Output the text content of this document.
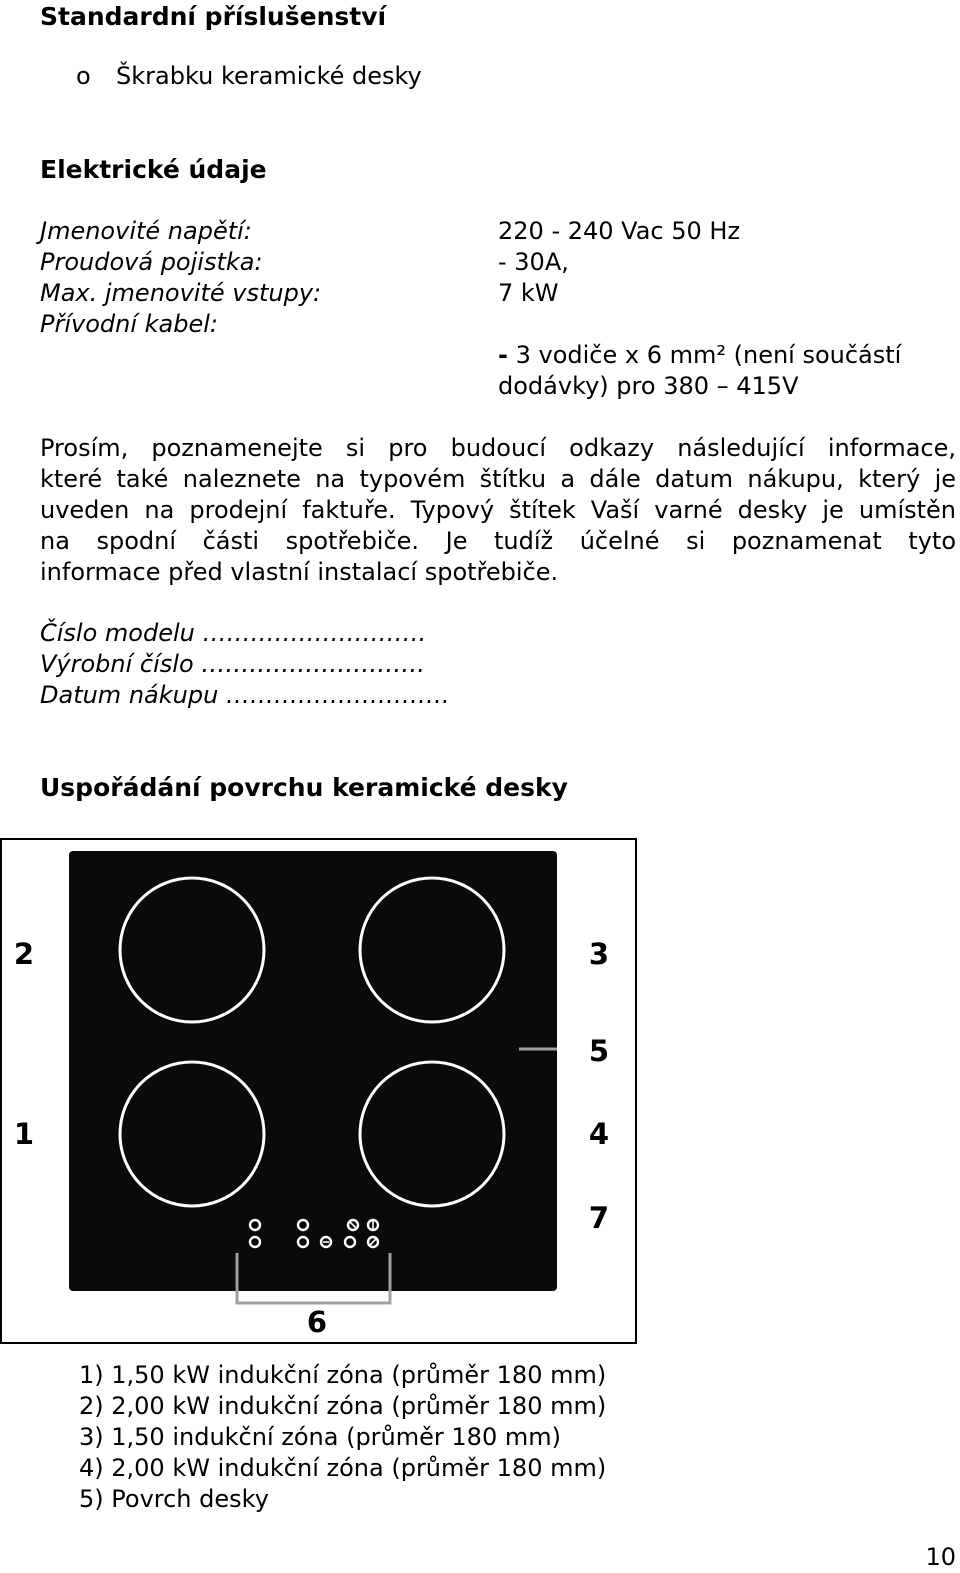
Standardní příslušenství
o Škrabku keramické desky
Elektrické údaje
Jmenovité napětí:	220 - 240 Vac 50 Hz
Proudová pojistka:	- 30A,
Max. jmenovité vstupy:	7 kW
Přívodní kabel:
- 3 vodiče x 6 mm² (není součástí
dodávky) pro 380 – 415V
Prosím, poznamenejte si pro budoucí odkazy následující informace,
které také naleznete na typovém štítku a dále datum nákupu, který je
uveden na prodejní faktuře. Typový štítek Vaší varné desky je umístěn
na spodní části spotřebiče. Je tudíž účelné si poznamenat tyto
informace před vlastní instalací spotřebiče.
Číslo modelu ……………………….
Výrobní číslo ……………………….
Datum nákupu ……………………….
Uspořádání povrchu keramické desky
2
1
3
5
4
7
6
1) 1,50 kW indukční zóna (průměr 180 mm)
2) 2,00 kW indukční zóna (průměr 180 mm)
3) 1,50 indukční zóna (průměr 180 mm)
4) 2,00 kW indukční zóna (průměr 180 mm)
5) Povrch desky
10
